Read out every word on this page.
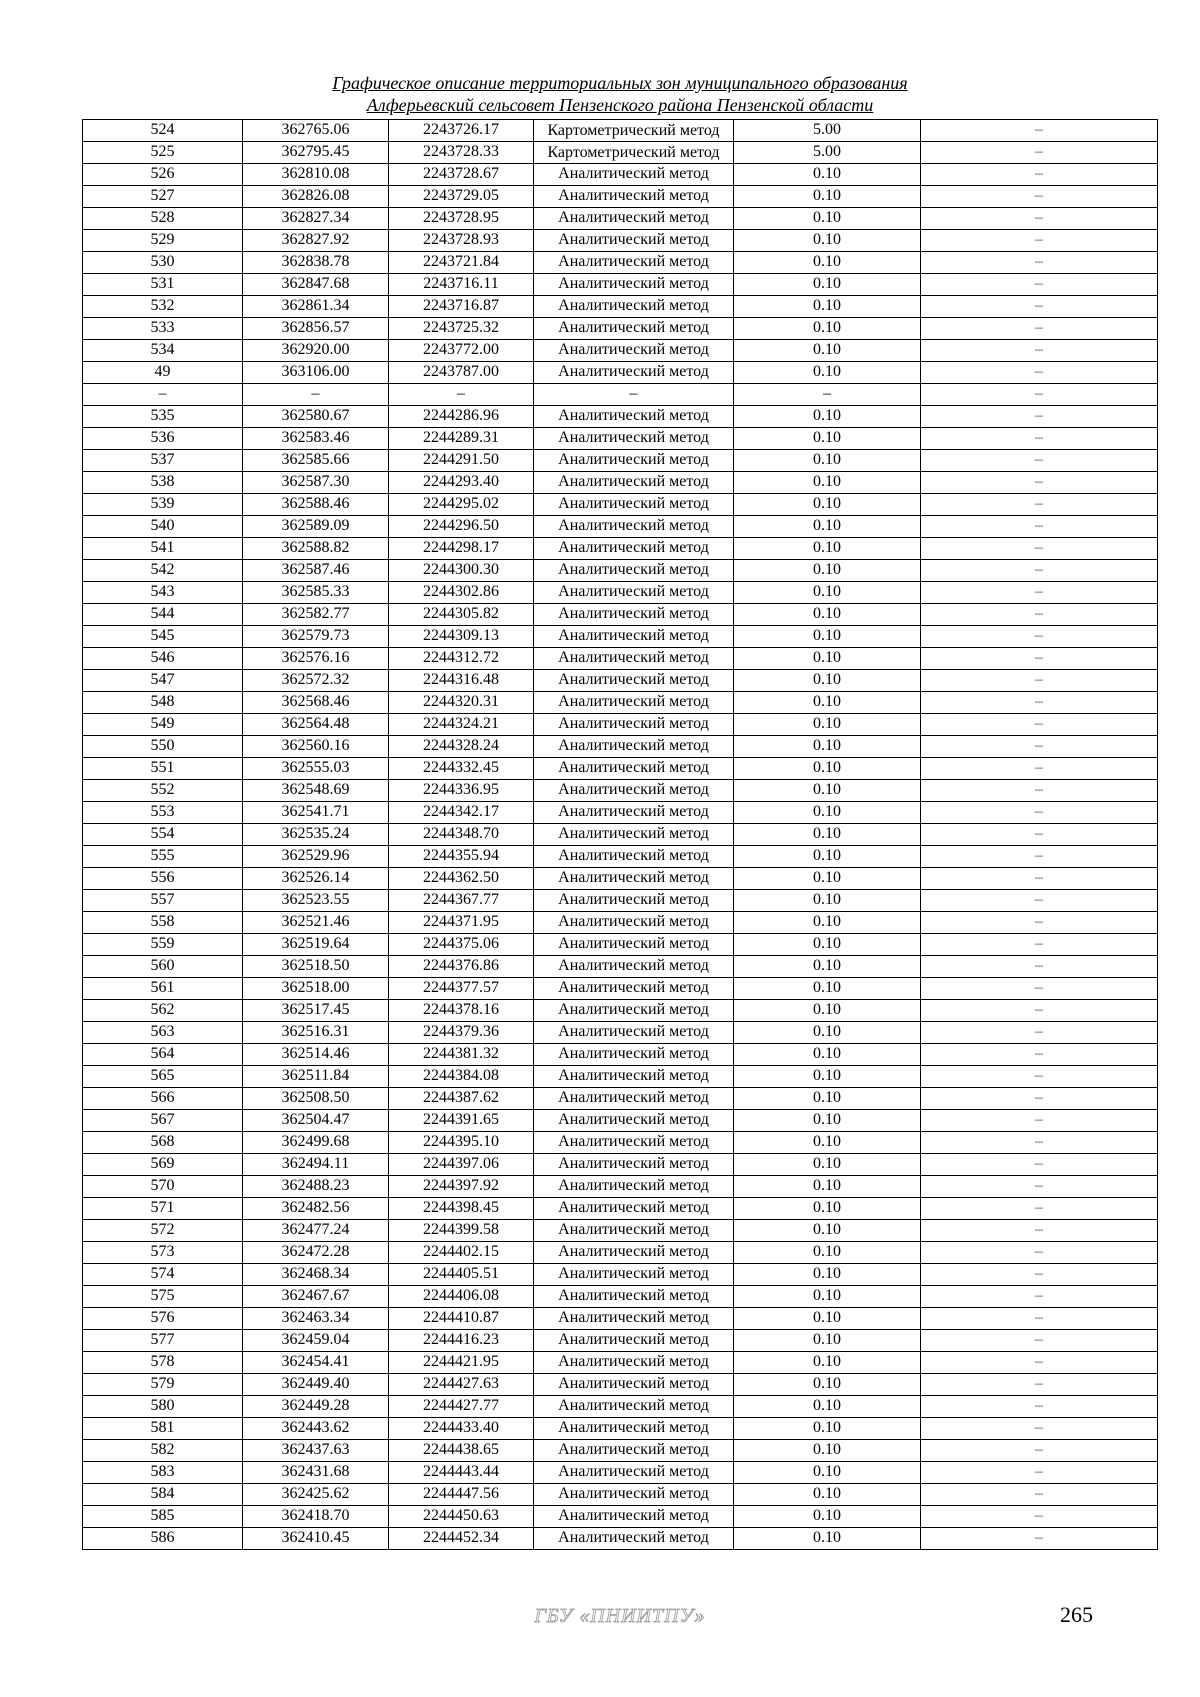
Графическое описание территориальных зон муниципального образования
Алферьевский сельсовет Пензенского района Пензенской области
524	362765.06	2243726.17	Картометрический метод	5.00	–
525	362795.45	2243728.33	Картометрический метод	5.00	–
526	362810.08	2243728.67	Аналитический метод	0.10	–
527	362826.08	2243729.05	Аналитический метод	0.10	–
528	362827.34	2243728.95	Аналитический метод	0.10	–
529	362827.92	2243728.93	Аналитический метод	0.10	–
530	362838.78	2243721.84	Аналитический метод	0.10	–
531	362847.68	2243716.11	Аналитический метод	0.10	–
532	362861.34	2243716.87	Аналитический метод	0.10	–
533	362856.57	2243725.32	Аналитический метод	0.10	–
534	362920.00	2243772.00	Аналитический метод	0.10	–
49	363106.00	2243787.00	Аналитический метод	0.10	–
–	–	–	–	–	–
535	362580.67	2244286.96	Аналитический метод	0.10	–
536	362583.46	2244289.31	Аналитический метод	0.10	–
537	362585.66	2244291.50	Аналитический метод	0.10	–
538	362587.30	2244293.40	Аналитический метод	0.10	–
539	362588.46	2244295.02	Аналитический метод	0.10	–
540	362589.09	2244296.50	Аналитический метод	0.10	–
541	362588.82	2244298.17	Аналитический метод	0.10	–
542	362587.46	2244300.30	Аналитический метод	0.10	–
543	362585.33	2244302.86	Аналитический метод	0.10	–
544	362582.77	2244305.82	Аналитический метод	0.10	–
545	362579.73	2244309.13	Аналитический метод	0.10	–
546	362576.16	2244312.72	Аналитический метод	0.10	–
547	362572.32	2244316.48	Аналитический метод	0.10	–
548	362568.46	2244320.31	Аналитический метод	0.10	–
549	362564.48	2244324.21	Аналитический метод	0.10	–
550	362560.16	2244328.24	Аналитический метод	0.10	–
551	362555.03	2244332.45	Аналитический метод	0.10	–
552	362548.69	2244336.95	Аналитический метод	0.10	–
553	362541.71	2244342.17	Аналитический метод	0.10	–
554	362535.24	2244348.70	Аналитический метод	0.10	–
555	362529.96	2244355.94	Аналитический метод	0.10	–
556	362526.14	2244362.50	Аналитический метод	0.10	–
557	362523.55	2244367.77	Аналитический метод	0.10	–
558	362521.46	2244371.95	Аналитический метод	0.10	–
559	362519.64	2244375.06	Аналитический метод	0.10	–
560	362518.50	2244376.86	Аналитический метод	0.10	–
561	362518.00	2244377.57	Аналитический метод	0.10	–
562	362517.45	2244378.16	Аналитический метод	0.10	–
563	362516.31	2244379.36	Аналитический метод	0.10	–
564	362514.46	2244381.32	Аналитический метод	0.10	–
565	362511.84	2244384.08	Аналитический метод	0.10	–
566	362508.50	2244387.62	Аналитический метод	0.10	–
567	362504.47	2244391.65	Аналитический метод	0.10	–
568	362499.68	2244395.10	Аналитический метод	0.10	–
569	362494.11	2244397.06	Аналитический метод	0.10	–
570	362488.23	2244397.92	Аналитический метод	0.10	–
571	362482.56	2244398.45	Аналитический метод	0.10	–
572	362477.24	2244399.58	Аналитический метод	0.10	–
573	362472.28	2244402.15	Аналитический метод	0.10	–
574	362468.34	2244405.51	Аналитический метод	0.10	–
575	362467.67	2244406.08	Аналитический метод	0.10	–
576	362463.34	2244410.87	Аналитический метод	0.10	–
577	362459.04	2244416.23	Аналитический метод	0.10	–
578	362454.41	2244421.95	Аналитический метод	0.10	–
579	362449.40	2244427.63	Аналитический метод	0.10	–
580	362449.28	2244427.77	Аналитический метод	0.10	–
581	362443.62	2244433.40	Аналитический метод	0.10	–
582	362437.63	2244438.65	Аналитический метод	0.10	–
583	362431.68	2244443.44	Аналитический метод	0.10	–
584	362425.62	2244447.56	Аналитический метод	0.10	–
585	362418.70	2244450.63	Аналитический метод	0.10	–
586	362410.45	2244452.34	Аналитический метод	0.10	–
ГБУ «ПНИИТПУ»	265
